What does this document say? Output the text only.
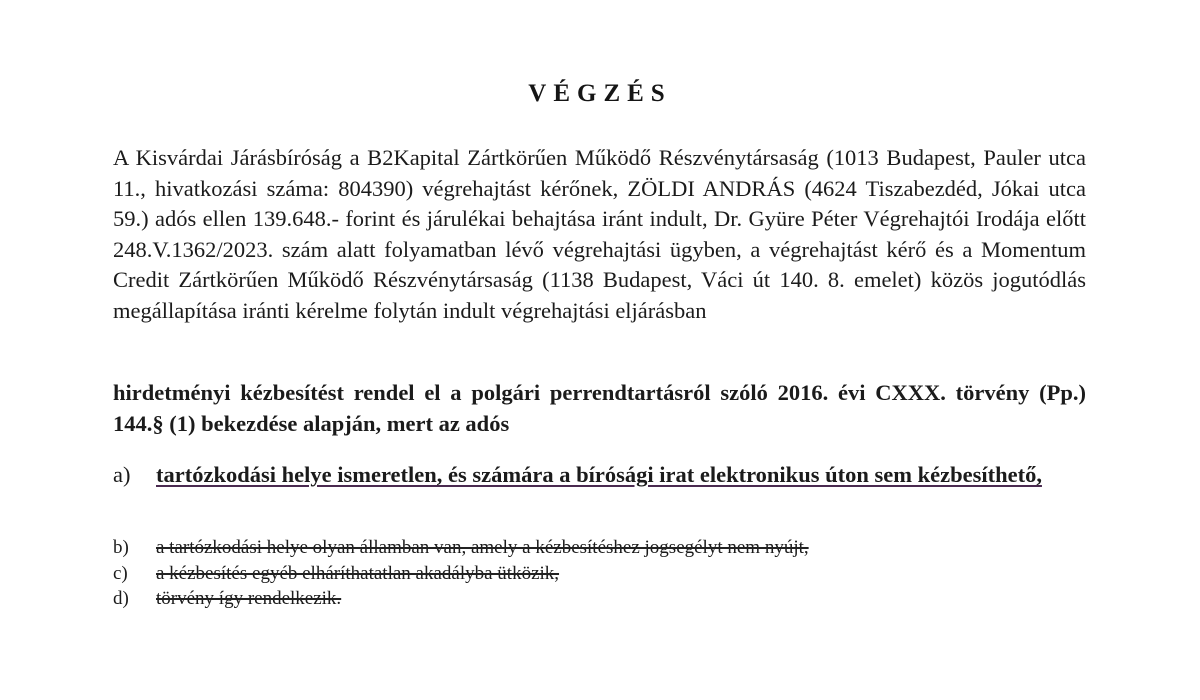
VÉGZÉS
A Kisvárdai Járásbíróság a B2Kapital Zártkörűen Működő Részvénytársaság (1013 Budapest, Pauler utca 11., hivatkozási száma: 804390) végrehajtást kérőnek, ZÖLDI ANDRÁS (4624 Tiszabezdéd, Jókai utca 59.) adós ellen 139.648.- forint és járulékai behajtása iránt indult, Dr. Gyüre Péter Végrehajtói Irodája előtt 248.V.1362/2023. szám alatt folyamatban lévő végrehajtási ügyben, a végrehajtást kérő és a Momentum Credit Zártkörűen Működő Részvénytársaság (1138 Budapest, Váci út 140. 8. emelet) közös jogutódlás megállapítása iránti kérelme folytán indult végrehajtási eljárásban
hirdetményi kézbesítést rendel el a polgári perrendtartásról szóló 2016. évi CXXX. törvény (Pp.) 144.§ (1) bekezdése alapján, mert az adós
a) tartózkodási helye ismeretlen, és számára a bírósági irat elektronikus úton sem kézbesíthető,
b) a tartózkodási helye olyan államban van, amely a kézbesítéshez jogsegélyt nem nyújt,
c) a kézbesítés egyéb elháríthatatlan akadályba ütközik,
d) törvény így rendelkezik.
